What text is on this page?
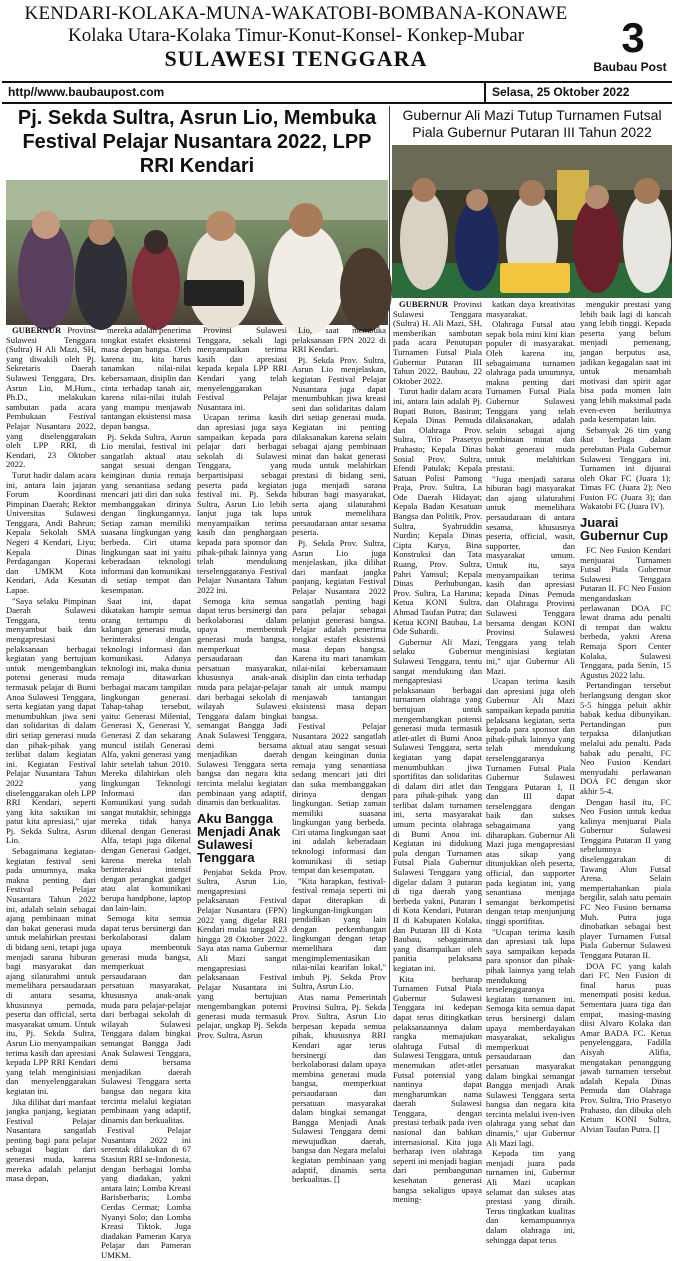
KENDARI-KOLAKA-MUNA-WAKATOBI-BOMBANA-KONAWE
Kolaka Utara-Kolaka Timur-Konut-Konsel- Konkep-Mubar
SULAWESI TENGGARA	3
Baubau Post
http//www.baubaupost.com	Selasa, 25 Oktober 2022
Pj. Sekda Sultra, Asrun Lio, Membuka Festival Pelajar Nusantara 2022, LPP RRI Kendari

GUBERNUR Provinsi Sulawesi Tenggara (Sultra) H Ali Mazi, SH, yang diwakili oleh Pj. Sekretaris Daerah Sulawesi Tenggara, Drs. Asrun Lio, M.Hum., Ph.D., melakukan sambutan pada acara Pembukaan Festival Pelajar Nusantara 2022, yang diselenggarakan oleh LPP RRI, di Kendari, 23 Oktober 2022.

Turut hadir dalam acara ini, antara lain jajaran Forum Koordinasi Pimpinan Daerah; Rektor Universitas Sulawesi Tenggara, Andi Bahrun; Kepala Sekolah SMA Negeri 4 Kendari, Liyu; Kepala Dinas Perdagangan Koperasi dan UMKM Kota Kendari, Ada Kesutan Lapae.

"Saya selaku Pimpinan Daerah Sulawesi Tenggara, tentu menyambut baik dan mengapresiasi pelaksanaan berbagai kegiatan yang bertujuan untuk mengembangkan potensi generasi muda termasuk pelajar di Bumi Anoa Sulawesi Tenggara, serta kegiatan yang dapat menumbuhkan jiwa seni dan solidaritas di dalam diri setiap generasi muda dan pihak-pihak yang terlibat dalam kegiatan ini. Kegiatan Festival Pelajar Nusantara Tahun 2022 yang diselenggarakan oleh LPP RRI Kendari, seperti yang kita saksikan ini patut kita apresiasi," ujar Pj. Sekda Sultra, Asrun Lio.

Sebagaimana kegiatan-kegiatan festival seni pada umumnya, maka makna penting dari Festival Pelajar Nusantara Tahun 2022 ini, adalah selain sebagai ajang pembinaan minat dan bakat generasi muda untuk melahirkan prestasi di bidang seni, tetapi juga menjadi sarana hiburan bagi masyarakat dan ajang silaturahmi untuk memelihara persaudaraan di antara sesama, khususnya pemuda, peserta dan official, serta masyarakat umum. Untuk itu, Pj. Sekda Sultra, Asrun Lio menyampaikan terima kasih dan apresiasi kepada LPP RRI Kendari yang telah menginisiasi dan menyelenggarakan kegiatan ini.

Jika dilihat dari manfaat jangka panjang, kegiatan Festival Pelajar Nusantara sangatlah penting bagi para pelajar sebagai bagian dari generasi muda, karena mereka adalah pelanjut masa depan,

mereka adalah penerima tongkat estafet eksistensi masa depan bangsa. Oleh karena itu, kita harus tanamkan nilai-nilai kebersamaan, disiplin dan cinta terhadap tanah air, karena nilai-nilai itulah yang mampu menjawab tantangan eksistensi masa depan bangsa.

Pj. Sekda Sultra, Asrun Lio menilai, festival ini sangatlah aktual atau sangat sesuai dengan keinginan dunia remaja yang senantiasa sedang mencari jati diri dan suka membanggakan dirinya dengan lingkungannya. Setiap zaman memiliki suasana lingkungan yang berbeda. Ciri utama lingkungan saat ini yaitu keberadaan teknologi informasi dan komunikasi di setiap tempat dan kesempatan.

Saat ini, dapat dikatakan hampir semua orang tertumpu di kalangan generasi muda, berinteraksi dengan teknologi informasi dan komunikasi. Adanya teknologi ini, maka dunia remaja ditawarkan berbagai macam tampilan lingkungan generasi. Tahap-tahap tersebut, yaitu: Generasi Milenial, Generasi X, Generasi Y, Generasi Z dan sekarang muncul istilah Generasi Alfa, yakni generasi yang lahir setelah tahun 2010. Mereka dilahirkan oleh lingkungan Teknologi Informasi dan Komunikasi yang sudah sangat mutakhir, sehingga mereka tidak hanya dikenal dengan Generasi Alfa, tetapi juga dikenal dengan Generasi Gadget, karena mereka telah berinteraksi intensif dengan perangkat gadget atau alat komunikasi berupa handphone, laptop dan lain-lain.

Semoga kita semua dapat terus bersinergi dan berkolaborasi dalam upaya membentuk generasi muda bangsa, memperkuat persaudaraan dan persatuan masyarakat, khususnya anak-anak muda para pelajar-pelajar dari berbagai sekolah di wilayah Sulawesi Tenggara dalam bingkai semangat Bangga Jadi Anak Sulawesi Tenggara, demi bersama menjadikan daerah Sulawesi Tenggara serta bangsa dan negara kita tercinta melalui kegiatan pembinaan yang adaptif, dinamis dan berkualitas.

Festival Pelajar Nusantara 2022 ini serentak dilakukan di 67 Stasiun RRI se-Indonesia, dengan berbagai lomba yang diadakan, yakni antara lain; Lomba Kreasi Barisberbaris; Lomba Cerdas Cermat; Lomba Nyanyi Solo; dan Lomba Kreasi Tiktok. Juga diadakan Pameran Karya Pelajar dan Pameran UMKM.

Provinsi Sulawesi Tenggara, sekali lagi menyampaikan terima kasih dan apresiasi kepada kepala LPP RRI Kendari yang telah menyelenggarakan Festival Pelajar Nusantara ini.

Ucapan terima kasih dan apresiasi juga saya sampaikan kepada para pelajar dari berbagai sekolah di Sulawesi Tenggara, yang berpartisipasi sebagai peserta pada kegiatan festival ini. Pj. Sekda Sultra, Asrun Lio lebih lanjut juga tak lupa menyampaikan terima kasih dan penghargaan kepada para sponsor dan pihak-pihak lainnya yang telah mendukung terselenggaranya Festival Pelajar Nusantara Tahun 2022 ini.

Semoga kita semua dapat terus bersinergi dan berkolaborasi dalam upaya membentuk generasi muda bangsa, memperkuat persaudaraan dan persatuan masyarakat, khususnya anak-anak muda para pelajar-pelajar dari berbagai sekolah di wilayah Sulawesi Tenggara dalam bingkai semangat Bangga Jadi Anak Sulawesi Tenggara, demi bersama menjadikan daerah Sulawesi Tenggara serta bangsa dan negara kita tercinta melalui kegiatan pembinaan yang adaptif, dinamis dan berkualitas.

Aku Bangga Menjadi Anak Sulawesi Tenggara

Penjabat Sekda Prov. Sultra, Asrun Lio, mengapresiasi pelaksanaan Festival Pelajar Nusantara (FPN) 2022 yang digelar RRI Kendari mulai tanggal 23 hingga 28 Oktober 2022. Saya atas nama Gubernur Ali Mazi sangat mengapresiasi pelaksanaan Festival Pelajar Nusantara ini yang bertujuan mengembangkan potensi generasi muda termasuk pelajar, ungkap Pj. Sekda Prov. Sultra, Asrun

Lio, saat membuka pelaksanaan FPN 2022 di RRI Kendari.

Pj. Sekda Prov. Sultra, Asrun Lio menjelaskan, kegiatan Festival Pelajar Nusantara juga dapat menumbuhkan jiwa kreasi seni dan solidaritas dalam diri setiap generasi muda. Kegiatan ini penting dilaksanakan karena selain sebagai ajang pembinaan minat dan bakat generasi muda untuk melahirkan prestasi di bidang seni, juga menjadi sarana hiburan bagi masyarakat, serta ajang silaturahmi untuk memelihara persaudaraan antar sesama peserta.

Pj. Sekda Prov. Sultra, Asrun Lio juga menjelaskan, jika dilihat dari manfaat jangka panjang, kegiatan Festival Pelajar Nusantara 2022 sangatlah penting bagi para pelajar sebagai pelanjut generasi bangsa. Pelajar adalah penerima tongkat estafet eksistensi masa depan bangsa. Karena itu mari tanamkan nilai-nilai kebersamaan disiplin dan cinta terhadap tanah air untuk mampu menjawab tantangan eksistensi masa depan bangsa.

Festival Pelajar Nusantara 2022 sangatlah aktual atau sangat sesuai dengan keinginan dunia remaja yang senantiasa sedang mencari jati diri dan suka membanggakan dirinya dengan lingkungan. Setiap zaman memiliki suasana lingkungan yang berbeda. Ciri utama lingkungan saat ini adalah keberadaan teknologi informasi dan komunikasi di setiap tempat dan kesempatan.

"Kita harapkan, festival-festival remaja seperti ini dapat diterapkan di lingkungan-lingkungan pendidikan yang lain dengan perkembangan lingkungan dengan tetap memelihara dan mengimplementasikan nilai-nilai kearifan lokal," imbuh Pj. Sekda Prov Sultra, Asrun Lio.

Atas nama Pemerintah Provinsi Sultra, Pj. Sekda Prov. Sultra, Asrun Lio berpesan kepada semua pihak, khususnya RRI Kendari agar terus bersinergi dan berkolaborasi dalam upaya membina generasi muda bangsa, memperkuat persaudaraan dan persatuan masyarakat dalam bingkai semangat Bangga Menjadi Anak Sulawesi Tenggara demi mewujudkan daerah, bangsa dan Negara melalui kegiatan pembinaan yang adaptif, dinamis serta berkualitas. []

Gubernur Ali Mazi Tutup Turnamen Futsal Piala Gubernur Putaran III Tahun 2022

GUBERNUR Provinsi Sulawesi Tenggara (Sultra) H. Ali Mazi, SH, memberikan sambutan pada acara Penutupan Turnamen Futsal Piala Gubernur Putaran III Tahun 2022, Baubau, 22 Oktober 2022.

Turut hadir dalam acara ini, antara lain adalah Pj. Bupati Buton, Basiran; Kepala Dinas Pemuda dan Olahraga Prov. Sultra, Trio Prasetyo Prahasto; Kepala Dinas Sosial Prov. Sultra, Efendi Patulak; Kepala Satuan Polisi Pamong Praja, Prov. Sultra, La Ode Daerah Hidayat; Kepala Badan Kesatuan Bangsa dan Politik, Prov. Sultra, Syahruddin Nurdin; Kepala Dinas Cipta Karya, Bina Konstruksi dan Tata Ruang, Prov. Sultra, Pahri Yamsul; Kepala Dinas Perhubungan, Prov. Sultra, La Haruna; Ketua KONI Sultra, Ahmad Taufan Putra; dan Ketua KONI Baubau, La Ode Suhardi.

Gubernur Ali Mazi, selaku Gubernur Sulawesi Tenggara, tentu sangat mendukung dan mengapresiasi pelaksanaan berbagai turnamen olahraga yang bertujuan untuk mengembangkan potensi generasi muda termasuk atlet-atlet di Bumi Anoa Sulawesi Tenggara, serta kegiatan yang dapat menumbuhkan jiwa sportifitas dan solidaritas di dalam diri atlet dan para pihak-pihak yang terlibat dalam turnamen ini, serta masyarakat umum pecinta olahraga di Bumi Anoa ini. Kegiatan ini didukung pula dengan Turnamen Futsal Piala Gubernur Sulawesi Tenggara yang digelar dalam 3 putaran di tiga daerah yang berbeda yakni, Putaran I di Kota Kendari, Putaran II di Kabupaten Kolaka, dan Putaran III di Kota Baubau, sebagaimana yang disampaikan oleh panitia pelaksana kegiatan ini.

Kita berharap Turnamen Futsal Piala Gubernur Sulawesi Tenggara ini kedepan dapat terus ditingkatkan pelaksanaannya dalam rangka memajukan olahraga Futsal di Sulawesi Tenggara, untuk menemukan atlet-atlet Futsal potensial yang nantinya dapat mengharumkan nama daerah Sulawesi Tenggara, dengan prestasi terbaik pada iven nasional dan bahkan internasional. Kita juga berharap iven olahraga seperti ini menjadi bagian dari pembangunan kesehatan generasi bangsa sekaligus upaya mening-

katkan daya kreativitas masyarakat.

Olahraga Futsal atau sepak bola mini kini kian populer di masyarakat. Oleh karena itu, sebagaimana turnamen olahraga pada umumnya, makna penting dari Turnamen Futsal Piala Gubernur Sulawesi Tenggara yang telah dilaksanakan, adalah selain sebagai ajang pembinaan minat dan bakat generasi muda untuk melahirkan prestasi.

"Juga menjadi sarana hiburan bagi masyarakat dan ajang silaturahmi untuk memelihara persaudaraan di antara sesama, khususnya peserta, official, wasit, supporter, dan masyarakat umum. Untuk itu, saya menyampaikan terima kasih dan apresiasi kepada Dinas Pemuda dan Olahraga Provinsi Sulawesi Tenggara bersama dengan KONI Provinsi Sulawesi Tenggara yang telah menginisiasi kegiatan ini," ujar Gubernur Ali Mazi.

Ucapan terima kasih dan apresiasi juga oleh Gubernur Ali Mazi sampaikan kepada panitia pelaksana kegiatan, serta kepada para sponsor dan pihak-pihak lainnya yang telah mendukung terselenggaranya Turnamen Futsal Piala Gubernur Sulawesi Tenggara Putaran I, II dan III dapat terselenggara dengan baik dan sukses sebagaimana yang diharapkan. Gubernur Ali Mazi juga mengapresiasi atas sikap yang ditunjukkan oleh peserta, official, dan supporter pada kegiatan ini, yang senantiasa menjaga semangat berkompetisi dengan tetap menjunjung tinggi sportifitas.

"Ucapan terima kasih dan apresiasi tak lupa saya sampaikan kepada para sponsor dan pihak-pihak lainnya yang telah mendukung terselenggaranya kegiatan turnamen ini. Semoga kita semua dapat terus bersinergi dalam upaya memberdayakan masyarakat, sekaligus memperkuat persaudaraan dan persatuan masyarakat dalam bingkai semangat Bangga menjadi Anak Sulawesi Tenggara serta bangsa dan negara kita tercinta melalui iven-iven olahraga yang sehat dan dinamis," ujar Gubernur Ali Mazi lagi.

Kepada tim yang menjadi juara pada turnamen ini, Gubernur Ali Mazi ucapkan selamat dan sukses atas prestasi yang diraih. Terus tingkatkan kualitas dan kemampuannya dalam olahraga ini, sehingga dapat terus

mengukir prestasi yang lebih baik lagi di kancah yang lebih tinggi. Kepada peserta yang belum menjadi pemenang, jangan berputus asa, jadikan kegagalan saat ini untuk menambah motivasi dan spirit agar bisa pada momen lain yang lebih maksimal pada even-even berikutnya pada kesempatan lain.

Sebanyak 26 tim yang ikut berlaga dalam perebutan Piala Gubernur Sulawesi Tenggara ini. Turnamen ini dijuarai oleh Okar FC (Juara 1); Timas FC (Juara 2); Neo Fusion FC (Juara 3); dan Wakatobi FC (Juara IV).

Juarai Gubernur Cup

FC Neo Fusion Kendari menjuarai Turnamen Futsal Piala Gubernur Sulawesi Tenggara Putaran II. FC Neo Fusion mengandaskan perlawanan DOA FC lewat drama adu penalti di tempat dan waktu berbeda, yakni Arena Remaja Sport Center Kolaka, Sulawesi Tenggara, pada Senin, 15 Agustus 2022 lalu.

Pertandingan tersebut berlangsung dengan skor 5-5 hingga peluit akhir babak kedua dibunyikan. Pertandingan pun terpaksa dilanjutkan melalui adu penalti. Pada babak adu penalti, FC Neo Fusion Kendari menyudahi perlawanan DOA FC dengan skor akhir 5-4.

Dengan hasil itu, FC Neo Fusion untuk kedua kalinya menjuarai Piala Gubernur Sulawesi Tenggara Putaran II yang sebelumnya diselenggarakan di Tawang Alun Futsal Arena. Selain mempertahankan piala bergilir, salah satu pemain FC Neo Fusion bernama Muh. Putra juga dinobatkan sebagai best player Turnamen Futsal Piala Gubernur Sulawesi Tenggara Putaran II.

DOA FC yang kalah dari FC Neo Fusion di final harus puas menempati posisi kedua. Sementara juara tiga dan empat, masing-masing diisi Alvaro Kolaka dan Amar BADA FC. Ketua penyelenggara, Fadilla Aisyah Alifia, mengatakan penanggung jawab turnamen tersebut adalah Kepala Dinas Pemuda dan Olahraga Prov. Sultra, Trio Prasetyo Prahasto, dan dibuka oleh Ketum KONI Sultra, Alvian Taufan Putra. []
